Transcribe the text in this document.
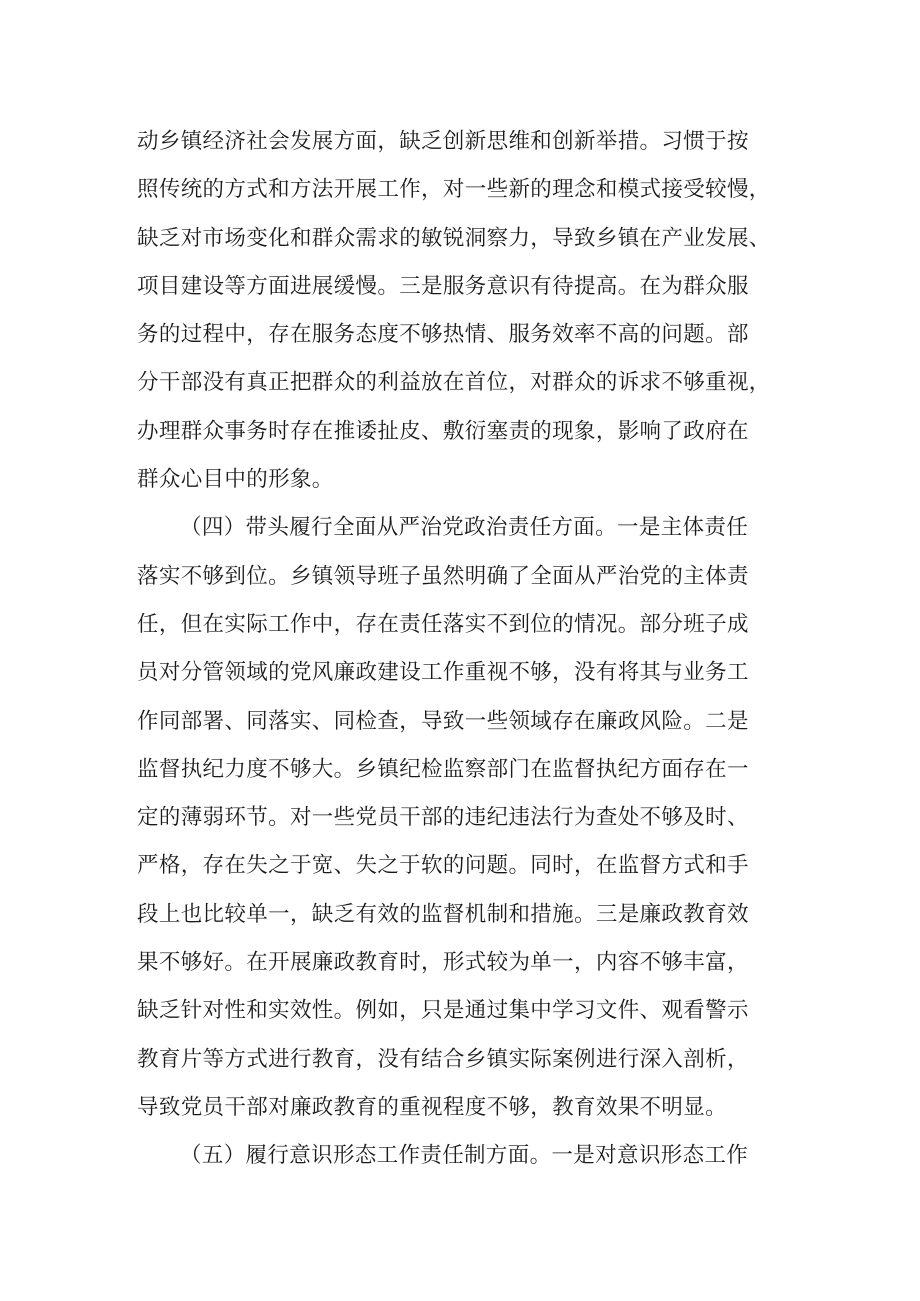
动乡镇经济社会发展方面，缺乏创新思维和创新举措。习惯于按
照传统的方式和方法开展工作，对一些新的理念和模式接受较慢，
缺乏对市场变化和群众需求的敏锐洞察力，导致乡镇在产业发展、
项目建设等方面进展缓慢。三是服务意识有待提高。在为群众服
务的过程中，存在服务态度不够热情、服务效率不高的问题。部
分干部没有真正把群众的利益放在首位，对群众的诉求不够重视，
办理群众事务时存在推诿扯皮、敷衍塞责的现象，影响了政府在
群众心目中的形象。
（四）带头履行全面从严治党政治责任方面。一是主体责任
落实不够到位。乡镇领导班子虽然明确了全面从严治党的主体责
任，但在实际工作中，存在责任落实不到位的情况。部分班子成
员对分管领域的党风廉政建设工作重视不够，没有将其与业务工
作同部署、同落实、同检查，导致一些领域存在廉政风险。二是
监督执纪力度不够大。乡镇纪检监察部门在监督执纪方面存在一
定的薄弱环节。对一些党员干部的违纪违法行为查处不够及时、
严格，存在失之于宽、失之于软的问题。同时，在监督方式和手
段上也比较单一，缺乏有效的监督机制和措施。三是廉政教育效
果不够好。在开展廉政教育时，形式较为单一，内容不够丰富，
缺乏针对性和实效性。例如，只是通过集中学习文件、观看警示
教育片等方式进行教育，没有结合乡镇实际案例进行深入剖析，
导致党员干部对廉政教育的重视程度不够，教育效果不明显。
（五）履行意识形态工作责任制方面。一是对意识形态工作
